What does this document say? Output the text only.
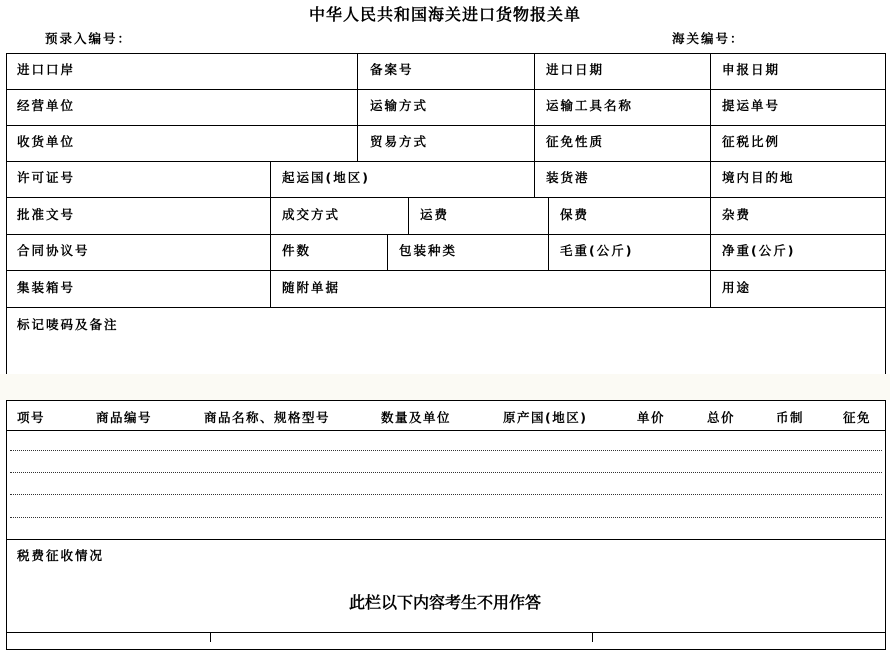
中华人民共和国海关进口货物报关单
预录入编号：	海关编号：
进口口岸	备案号	进口日期	申报日期
经营单位	运输方式	运输工具名称	提运单号
收货单位	贸易方式	征免性质	征税比例
许可证号	起运国(地区)	装货港	境内目的地
批准文号	成交方式	运费	保费	杂费
合同协议号	件数	包装种类	毛重(公斤)	净重(公斤)
集装箱号	随附单据	用途
标记唛码及备注
项号	商品编号	商品名称、规格型号	数量及单位	原产国(地区)	单价	总价	币制	征免
税费征收情况
此栏以下内容考生不用作答
